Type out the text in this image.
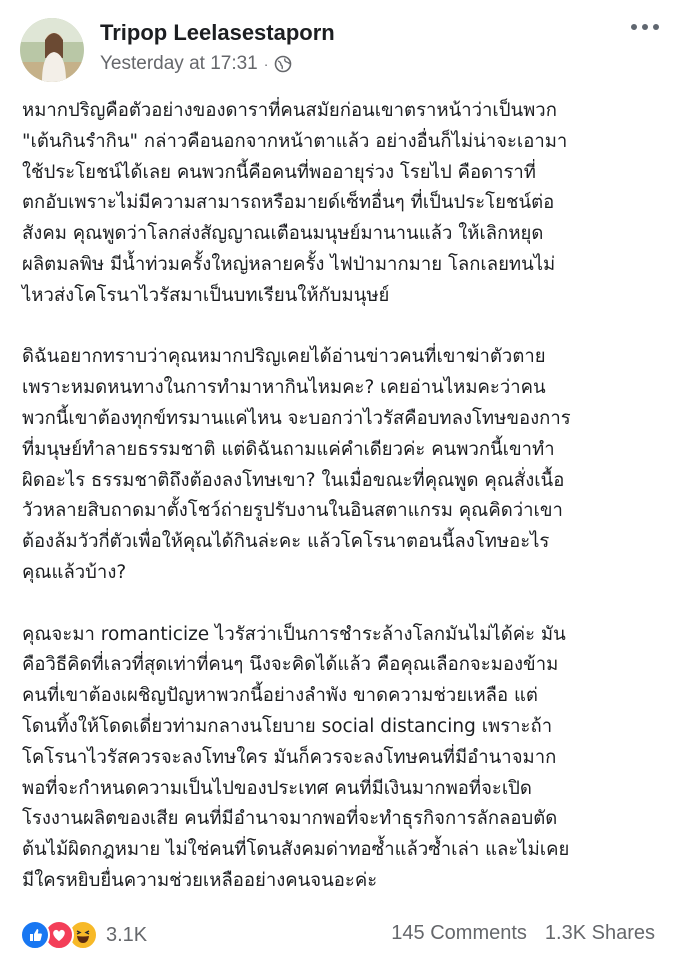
Tripop Leelasestaporn
Yesterday at 17:31 ·
หมากปริญคือตัวอย่างของดาราที่คนสมัยก่อนเขาตราหน้าว่าเป็นพวก
"เต้นกินรำกิน" กล่าวคือนอกจากหน้าตาแล้ว อย่างอื่นก็ไม่น่าจะเอามา
ใช้ประโยชน์ได้เลย คนพวกนี้คือคนที่พออายุร่วง โรยไป คือดาราที่
ตกอับเพราะไม่มีความสามารถหรือมายด์เซ็ทอื่นๆ ที่เป็นประโยชน์ต่อ
สังคม คุณพูดว่าโลกส่งสัญญาณเตือนมนุษย์มานานแล้ว ให้เลิกหยุด
ผลิตมลพิษ มีน้ำท่วมครั้งใหญ่หลายครั้ง ไฟป่ามากมาย โลกเลยทนไม่
ไหวส่งโคโรนาไวรัสมาเป็นบทเรียนให้กับมนุษย์
ดิฉันอยากทราบว่าคุณหมากปริญเคยได้อ่านข่าวคนที่เขาฆ่าตัวตาย
เพราะหมดหนทางในการทำมาหากินไหมคะ? เคยอ่านไหมคะว่าคน
พวกนี้เขาต้องทุกข์ทรมานแค่ไหน จะบอกว่าไวรัสคือบทลงโทษของการ
ที่มนุษย์ทำลายธรรมชาติ แต่ดิฉันถามแค่คำเดียวค่ะ คนพวกนี้เขาทำ
ผิดอะไร ธรรมชาติถึงต้องลงโทษเขา? ในเมื่อขณะที่คุณพูด คุณสั่งเนื้อ
วัวหลายสิบถาดมาตั้งโชว์ถ่ายรูปรับงานในอินสตาแกรม คุณคิดว่าเขา
ต้องล้มวัวกี่ตัวเพื่อให้คุณได้กินล่ะคะ แล้วโคโรนาตอนนี้ลงโทษอะไร
คุณแล้วบ้าง?
คุณจะมา romanticize ไวรัสว่าเป็นการชำระล้างโลกมันไม่ได้ค่ะ มัน
คือวิธีคิดที่เลวที่สุดเท่าที่คนๆ นึงจะคิดได้แล้ว คือคุณเลือกจะมองข้าม
คนที่เขาต้องเผชิญปัญหาพวกนี้อย่างลำพัง ขาดความช่วยเหลือ แต่
โดนทิ้งให้โดดเดี่ยวท่ามกลางนโยบาย social distancing เพราะถ้า
โคโรนาไวรัสควรจะลงโทษใคร มันก็ควรจะลงโทษคนที่มีอำนาจมาก
พอที่จะกำหนดความเป็นไปของประเทศ คนที่มีเงินมากพอที่จะเปิด
โรงงานผลิตของเสีย คนที่มีอำนาจมากพอที่จะทำธุรกิจการลักลอบตัด
ต้นไม้ผิดกฎหมาย ไม่ใช่คนที่โดนสังคมด่าทอซ้ำแล้วซ้ำเล่า และไม่เคย
มีใครหยิบยื่นความช่วยเหลืออย่างคนจนอะค่ะ
3.1K	145 Comments 1.3K Shares
